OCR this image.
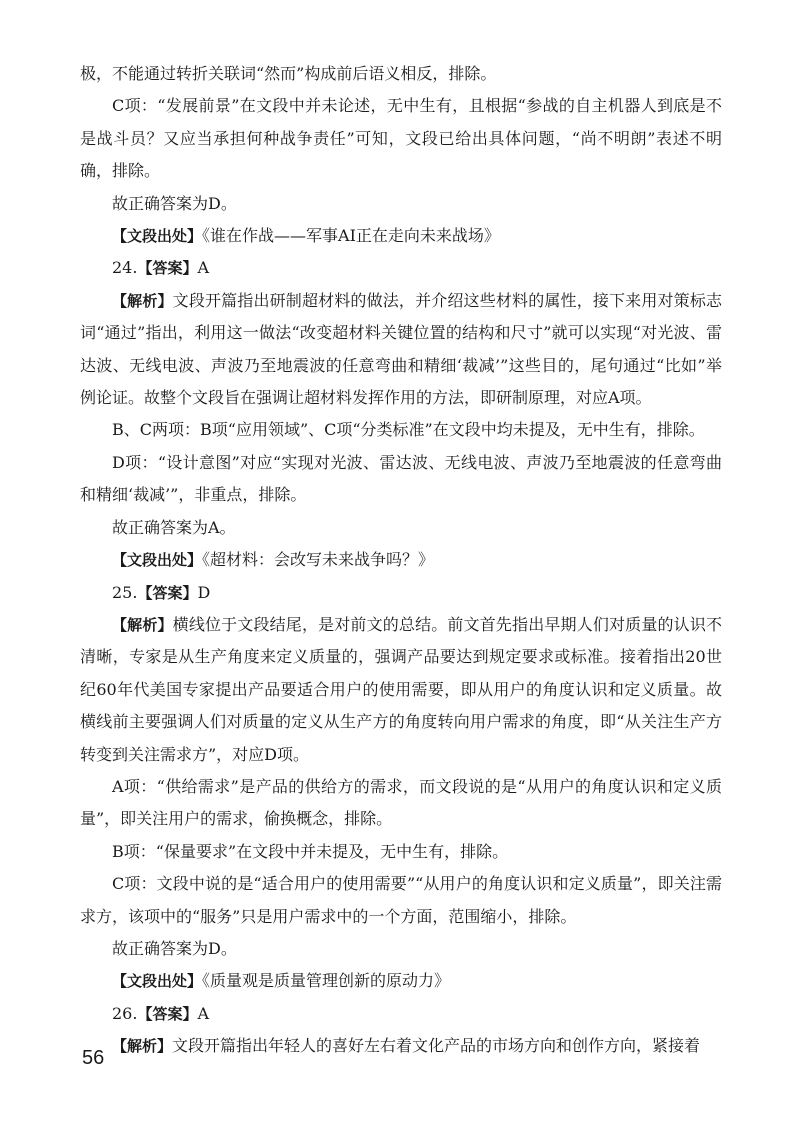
极，不能通过转折关联词“然而”构成前后语义相反，排除。

C项：“发展前景”在文段中并未论述，无中生有，且根据“参战的自主机器人到底是不是战斗员？又应当承担何种战争责任”可知，文段已给出具体问题，“尚不明朗”表述不明确，排除。

故正确答案为D。

【文段出处】《谁在作战——军事AI正在走向未来战场》

24.【答案】A

【解析】文段开篇指出研制超材料的做法，并介绍这些材料的属性，接下来用对策标志词“通过”指出，利用这一做法“改变超材料关键位置的结构和尺寸”就可以实现“对光波、雷达波、无线电波、声波乃至地震波的任意弯曲和精细‘裁减’”这些目的，尾句通过“比如”举例论证。故整个文段旨在强调让超材料发挥作用的方法，即研制原理，对应A项。

B、C两项：B项“应用领域”、C项“分类标准”在文段中均未提及，无中生有，排除。

D项：“设计意图”对应“实现对光波、雷达波、无线电波、声波乃至地震波的任意弯曲和精细‘裁减’”，非重点，排除。

故正确答案为A。

【文段出处】《超材料：会改写未来战争吗？》

25.【答案】D

【解析】横线位于文段结尾，是对前文的总结。前文首先指出早期人们对质量的认识不清晰，专家是从生产角度来定义质量的，强调产品要达到规定要求或标准。接着指出20世纪60年代美国专家提出产品要适合用户的使用需要，即从用户的角度认识和定义质量。故横线前主要强调人们对质量的定义从生产方的角度转向用户需求的角度，即“从关注生产方转变到关注需求方”，对应D项。

A项：“供给需求”是产品的供给方的需求，而文段说的是“从用户的角度认识和定义质量”，即关注用户的需求，偷换概念，排除。

B项：“保量要求”在文段中并未提及，无中生有，排除。

C项：文段中说的是“适合用户的使用需要”“从用户的角度认识和定义质量”，即关注需求方，该项中的“服务”只是用户需求中的一个方面，范围缩小，排除。

故正确答案为D。

【文段出处】《质量观是质量管理创新的原动力》

26.【答案】A

【解析】文段开篇指出年轻人的喜好左右着文化产品的市场方向和创作方向，紧接着

56
